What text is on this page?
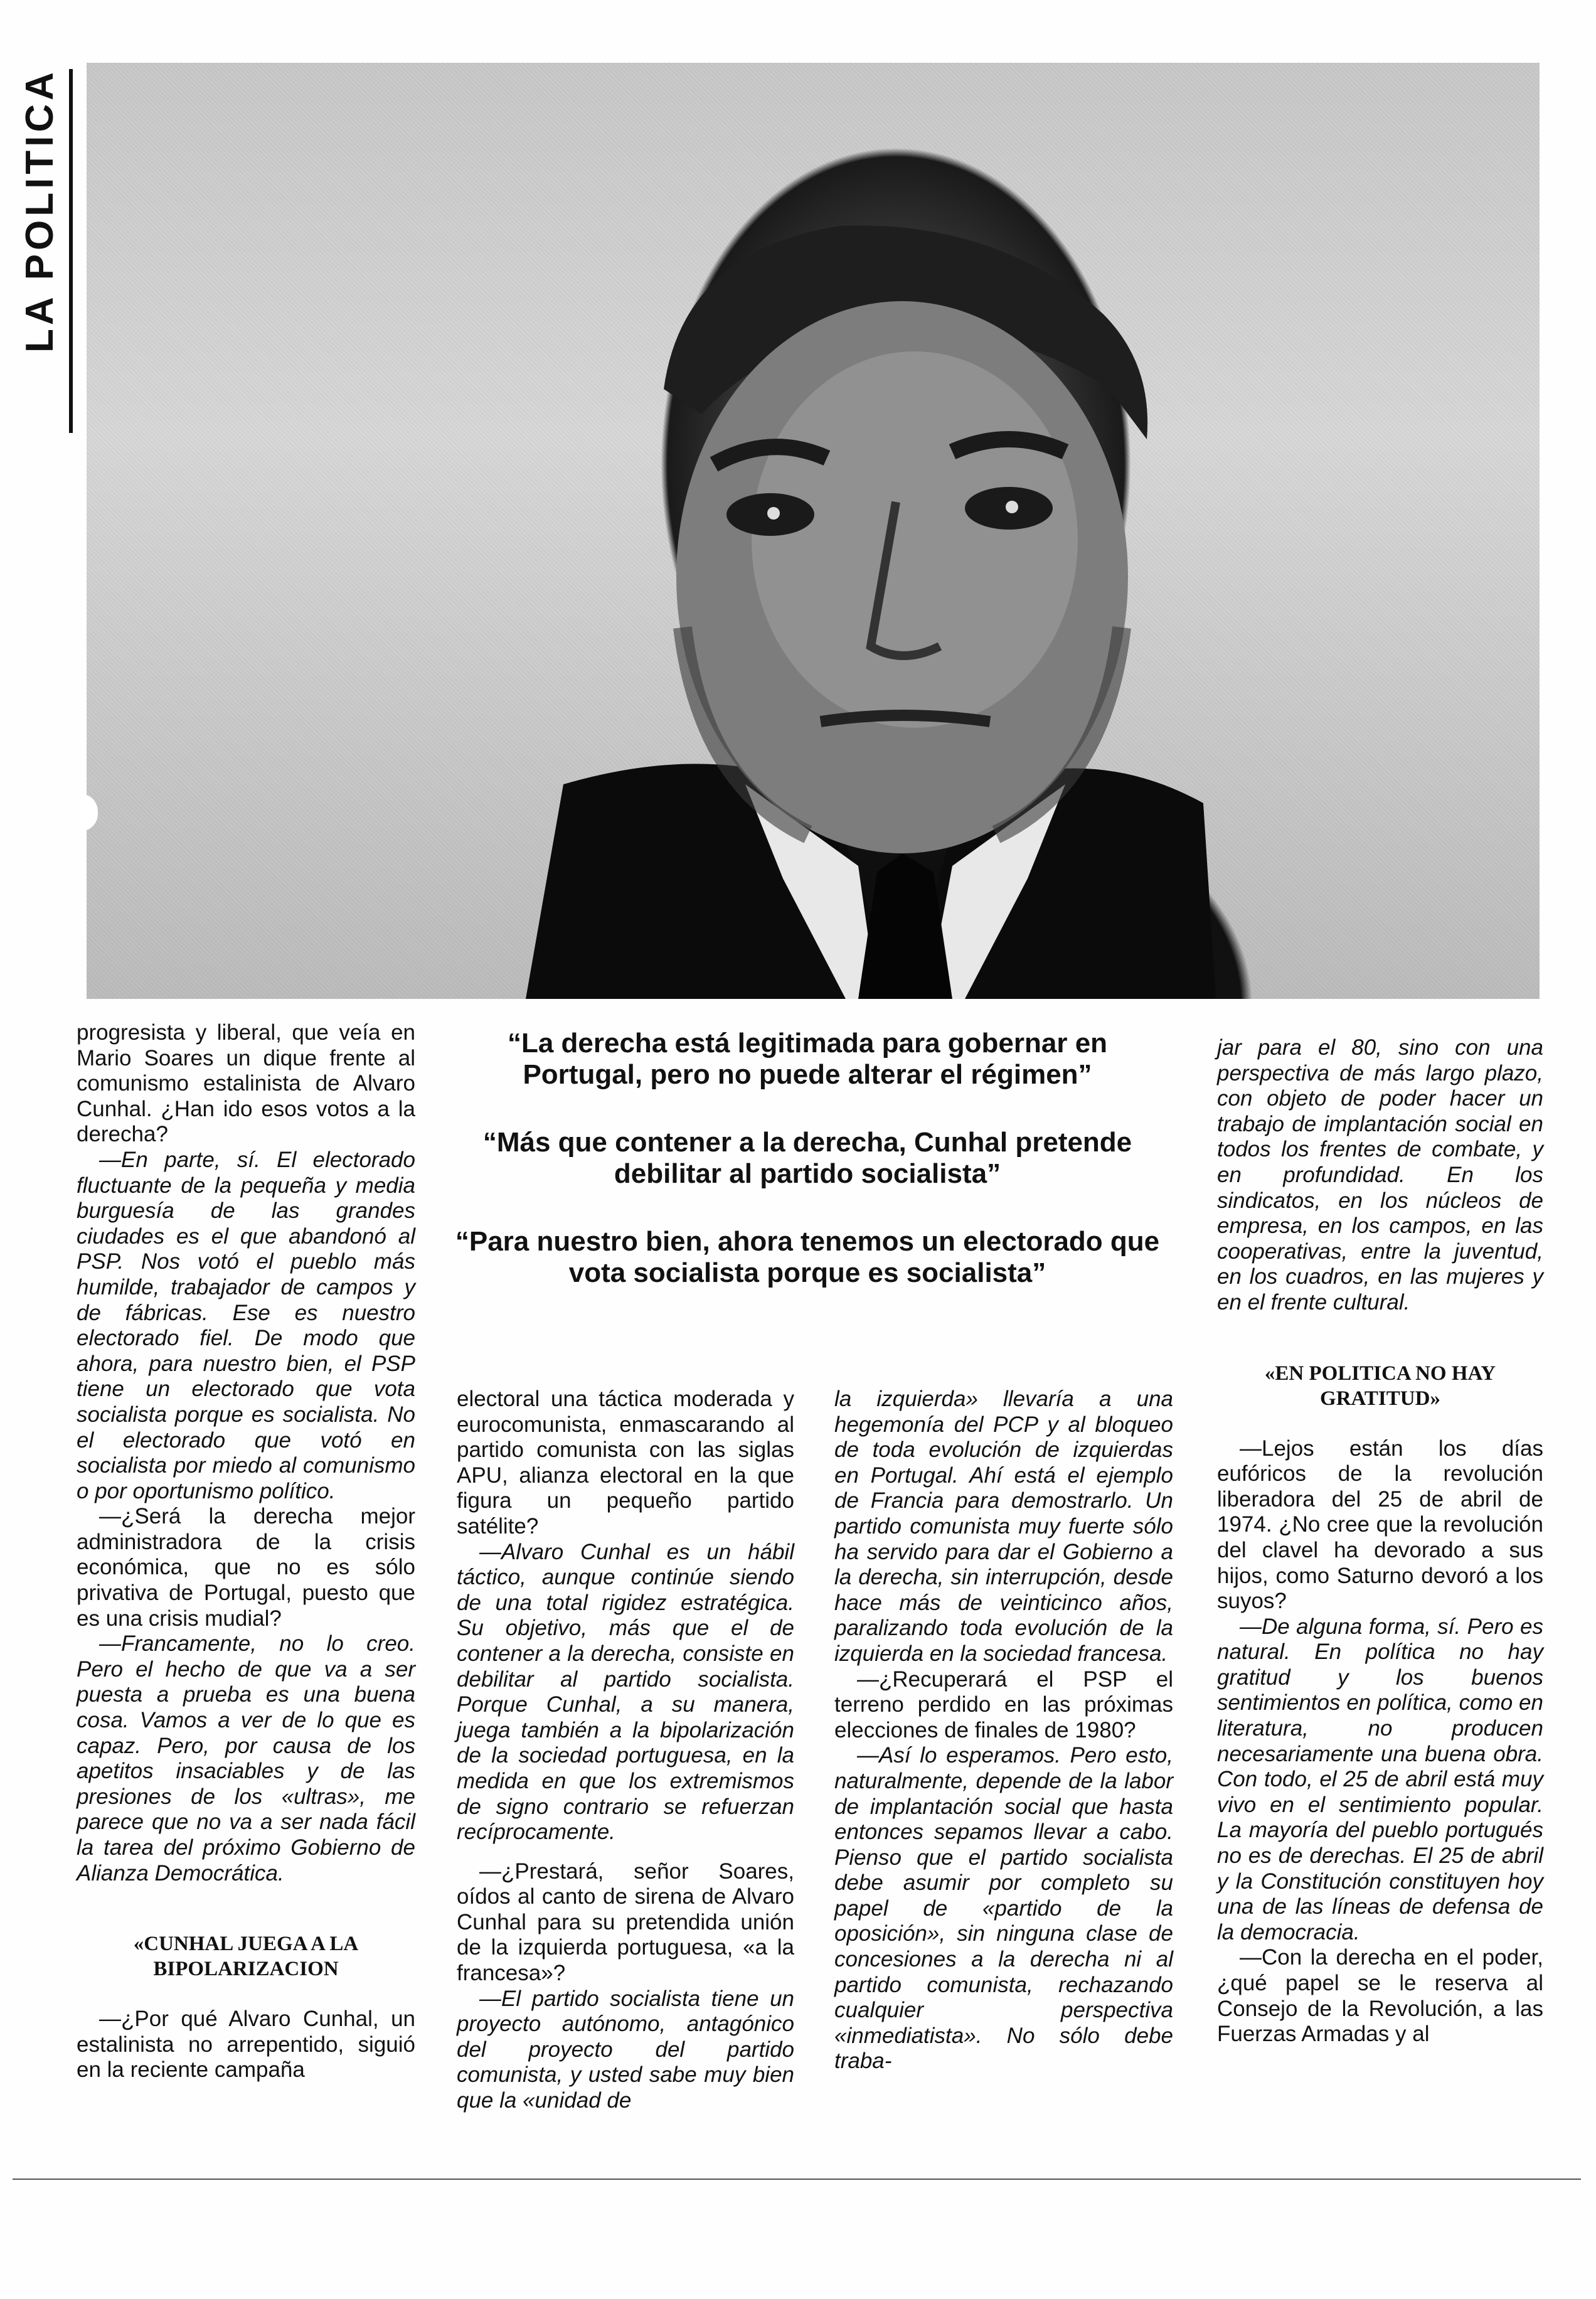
LA POLITICA

“La derecha está legitimada para gobernar en Portugal, pero no puede alterar el régimen”

“Más que contener a la derecha, Cunhal pretende debilitar al partido socialista”

“Para nuestro bien, ahora tenemos un electorado que vota socialista porque es socialista”

progresista y liberal, que veía en Mario Soares un dique frente al comunismo estalinista de Alvaro Cunhal. ¿Han ido esos votos a la derecha?

—En parte, sí. El electorado fluctuante de la pequeña y media burguesía de las grandes ciudades es el que abandonó al PSP. Nos votó el pueblo más humilde, trabajador de campos y de fábricas. Ese es nuestro electorado fiel. De modo que ahora, para nuestro bien, el PSP tiene un electorado que vota socialista porque es socialista. No el electorado que votó en socialista por miedo al comunismo o por oportunismo político.

—¿Será la derecha mejor administradora de la crisis económica, que no es sólo privativa de Portugal, puesto que es una crisis mudial?

—Francamente, no lo creo. Pero el hecho de que va a ser puesta a prueba es una buena cosa. Vamos a ver de lo que es capaz. Pero, por causa de los apetitos insaciables y de las presiones de los «ultras», me parece que no va a ser nada fácil la tarea del próximo Gobierno de Alianza Democrática.

«CUNHAL JUEGA A LA BIPOLARIZACION

—¿Por qué Alvaro Cunhal, un estalinista no arrepentido, siguió en la reciente campaña

electoral una táctica moderada y eurocomunista, enmascarando al partido comunista con las siglas APU, alianza electoral en la que figura un pequeño partido satélite?

—Alvaro Cunhal es un hábil táctico, aunque continúe siendo de una total rigidez estratégica. Su objetivo, más que el de contener a la derecha, consiste en debilitar al partido socialista. Porque Cunhal, a su manera, juega también a la bipolarización de la sociedad portuguesa, en la medida en que los extremismos de signo contrario se refuerzan recíprocamente.

—¿Prestará, señor Soares, oídos al canto de sirena de Alvaro Cunhal para su pretendida unión de la izquierda portuguesa, «a la francesa»?

—El partido socialista tiene un proyecto autónomo, antagónico del proyecto del partido comunista, y usted sabe muy bien que la «unidad de

la izquierda» llevaría a una hegemonía del PCP y al bloqueo de toda evolución de izquierdas en Portugal. Ahí está el ejemplo de Francia para demostrarlo. Un partido comunista muy fuerte sólo ha servido para dar el Gobierno a la derecha, sin interrupción, desde hace más de veinticinco años, paralizando toda evolución de la izquierda en la sociedad francesa.

—¿Recuperará el PSP el terreno perdido en las próximas elecciones de finales de 1980?

—Así lo esperamos. Pero esto, naturalmente, depende de la labor de implantación social que hasta entonces sepamos llevar a cabo. Pienso que el partido socialista debe asumir por completo su papel de «partido de la oposición», sin ninguna clase de concesiones a la derecha ni al partido comunista, rechazando cualquier perspectiva «inmediatista». No sólo debe traba-

jar para el 80, sino con una perspectiva de más largo plazo, con objeto de poder hacer un trabajo de implantación social en todos los frentes de combate, y en profundidad. En los sindicatos, en los núcleos de empresa, en los campos, en las cooperativas, entre la juventud, en los cuadros, en las mujeres y en el frente cultural.

«EN POLITICA NO HAY GRATITUD»

—Lejos están los días eufóricos de la revolución liberadora del 25 de abril de 1974. ¿No cree que la revolución del clavel ha devorado a sus hijos, como Saturno devoró a los suyos?

—De alguna forma, sí. Pero es natural. En política no hay gratitud y los buenos sentimientos en política, como en literatura, no producen necesariamente una buena obra. Con todo, el 25 de abril está muy vivo en el sentimiento popular. La mayoría del pueblo portugués no es de derechas. El 25 de abril y la Constitución constituyen hoy una de las líneas de defensa de la democracia.

—Con la derecha en el poder, ¿qué papel se le reserva al Consejo de la Revolución, a las Fuerzas Armadas y al
